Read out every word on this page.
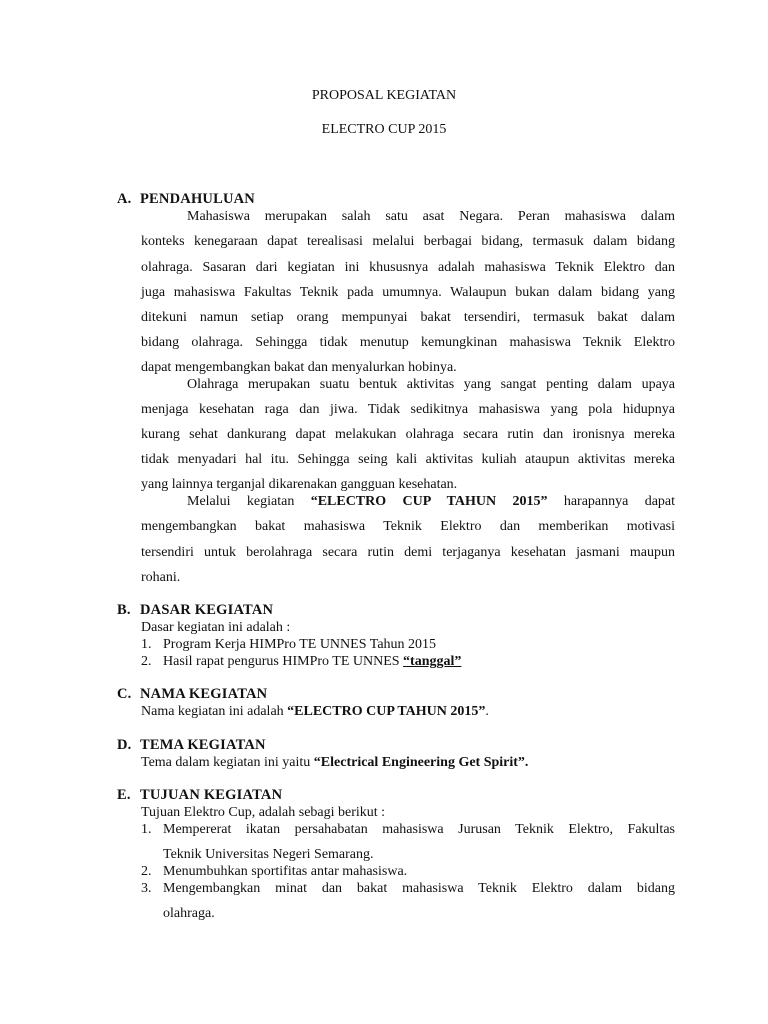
PROPOSAL KEGIATAN

ELECTRO CUP 2015

A. PENDAHULUAN

Mahasiswa merupakan salah satu asat Negara. Peran mahasiswa dalam

konteks kenegaraan dapat terealisasi melalui berbagai bidang, termasuk dalam bidang

olahraga. Sasaran dari kegiatan ini khususnya adalah mahasiswa Teknik Elektro dan

juga mahasiswa Fakultas Teknik pada umumnya. Walaupun bukan dalam bidang yang

ditekuni namun setiap orang mempunyai bakat tersendiri, termasuk bakat dalam

bidang olahraga. Sehingga tidak menutup kemungkinan mahasiswa Teknik Elektro

dapat mengembangkan bakat dan menyalurkan hobinya.

Olahraga merupakan suatu bentuk aktivitas yang sangat penting dalam upaya

menjaga kesehatan raga dan jiwa. Tidak sedikitnya mahasiswa yang pola hidupnya

kurang sehat dankurang dapat melakukan olahraga secara rutin dan ironisnya mereka

tidak menyadari hal itu. Sehingga seing kali aktivitas kuliah ataupun aktivitas mereka

yang lainnya terganjal dikarenakan gangguan kesehatan.

Melalui kegiatan “ELECTRO CUP TAHUN 2015” harapannya dapat

mengembangkan bakat mahasiswa Teknik Elektro dan memberikan motivasi

tersendiri untuk berolahraga secara rutin demi terjaganya kesehatan jasmani maupun

rohani.

B. DASAR KEGIATAN

Dasar kegiatan ini adalah :

1. Program Kerja HIMPro TE UNNES Tahun 2015

2. Hasil rapat pengurus HIMPro TE UNNES “tanggal”

C. NAMA KEGIATAN

Nama kegiatan ini adalah “ELECTRO CUP TAHUN 2015”.

D. TEMA KEGIATAN

Tema dalam kegiatan ini yaitu “Electrical Engineering Get Spirit”.

E. TUJUAN KEGIATAN

Tujuan Elektro Cup, adalah sebagi berikut :

1. Mempererat ikatan persahabatan mahasiswa Jurusan Teknik Elektro, Fakultas

Teknik Universitas Negeri Semarang.

2. Menumbuhkan sportifitas antar mahasiswa.

3. Mengembangkan minat dan bakat mahasiswa Teknik Elektro dalam bidang

olahraga.
